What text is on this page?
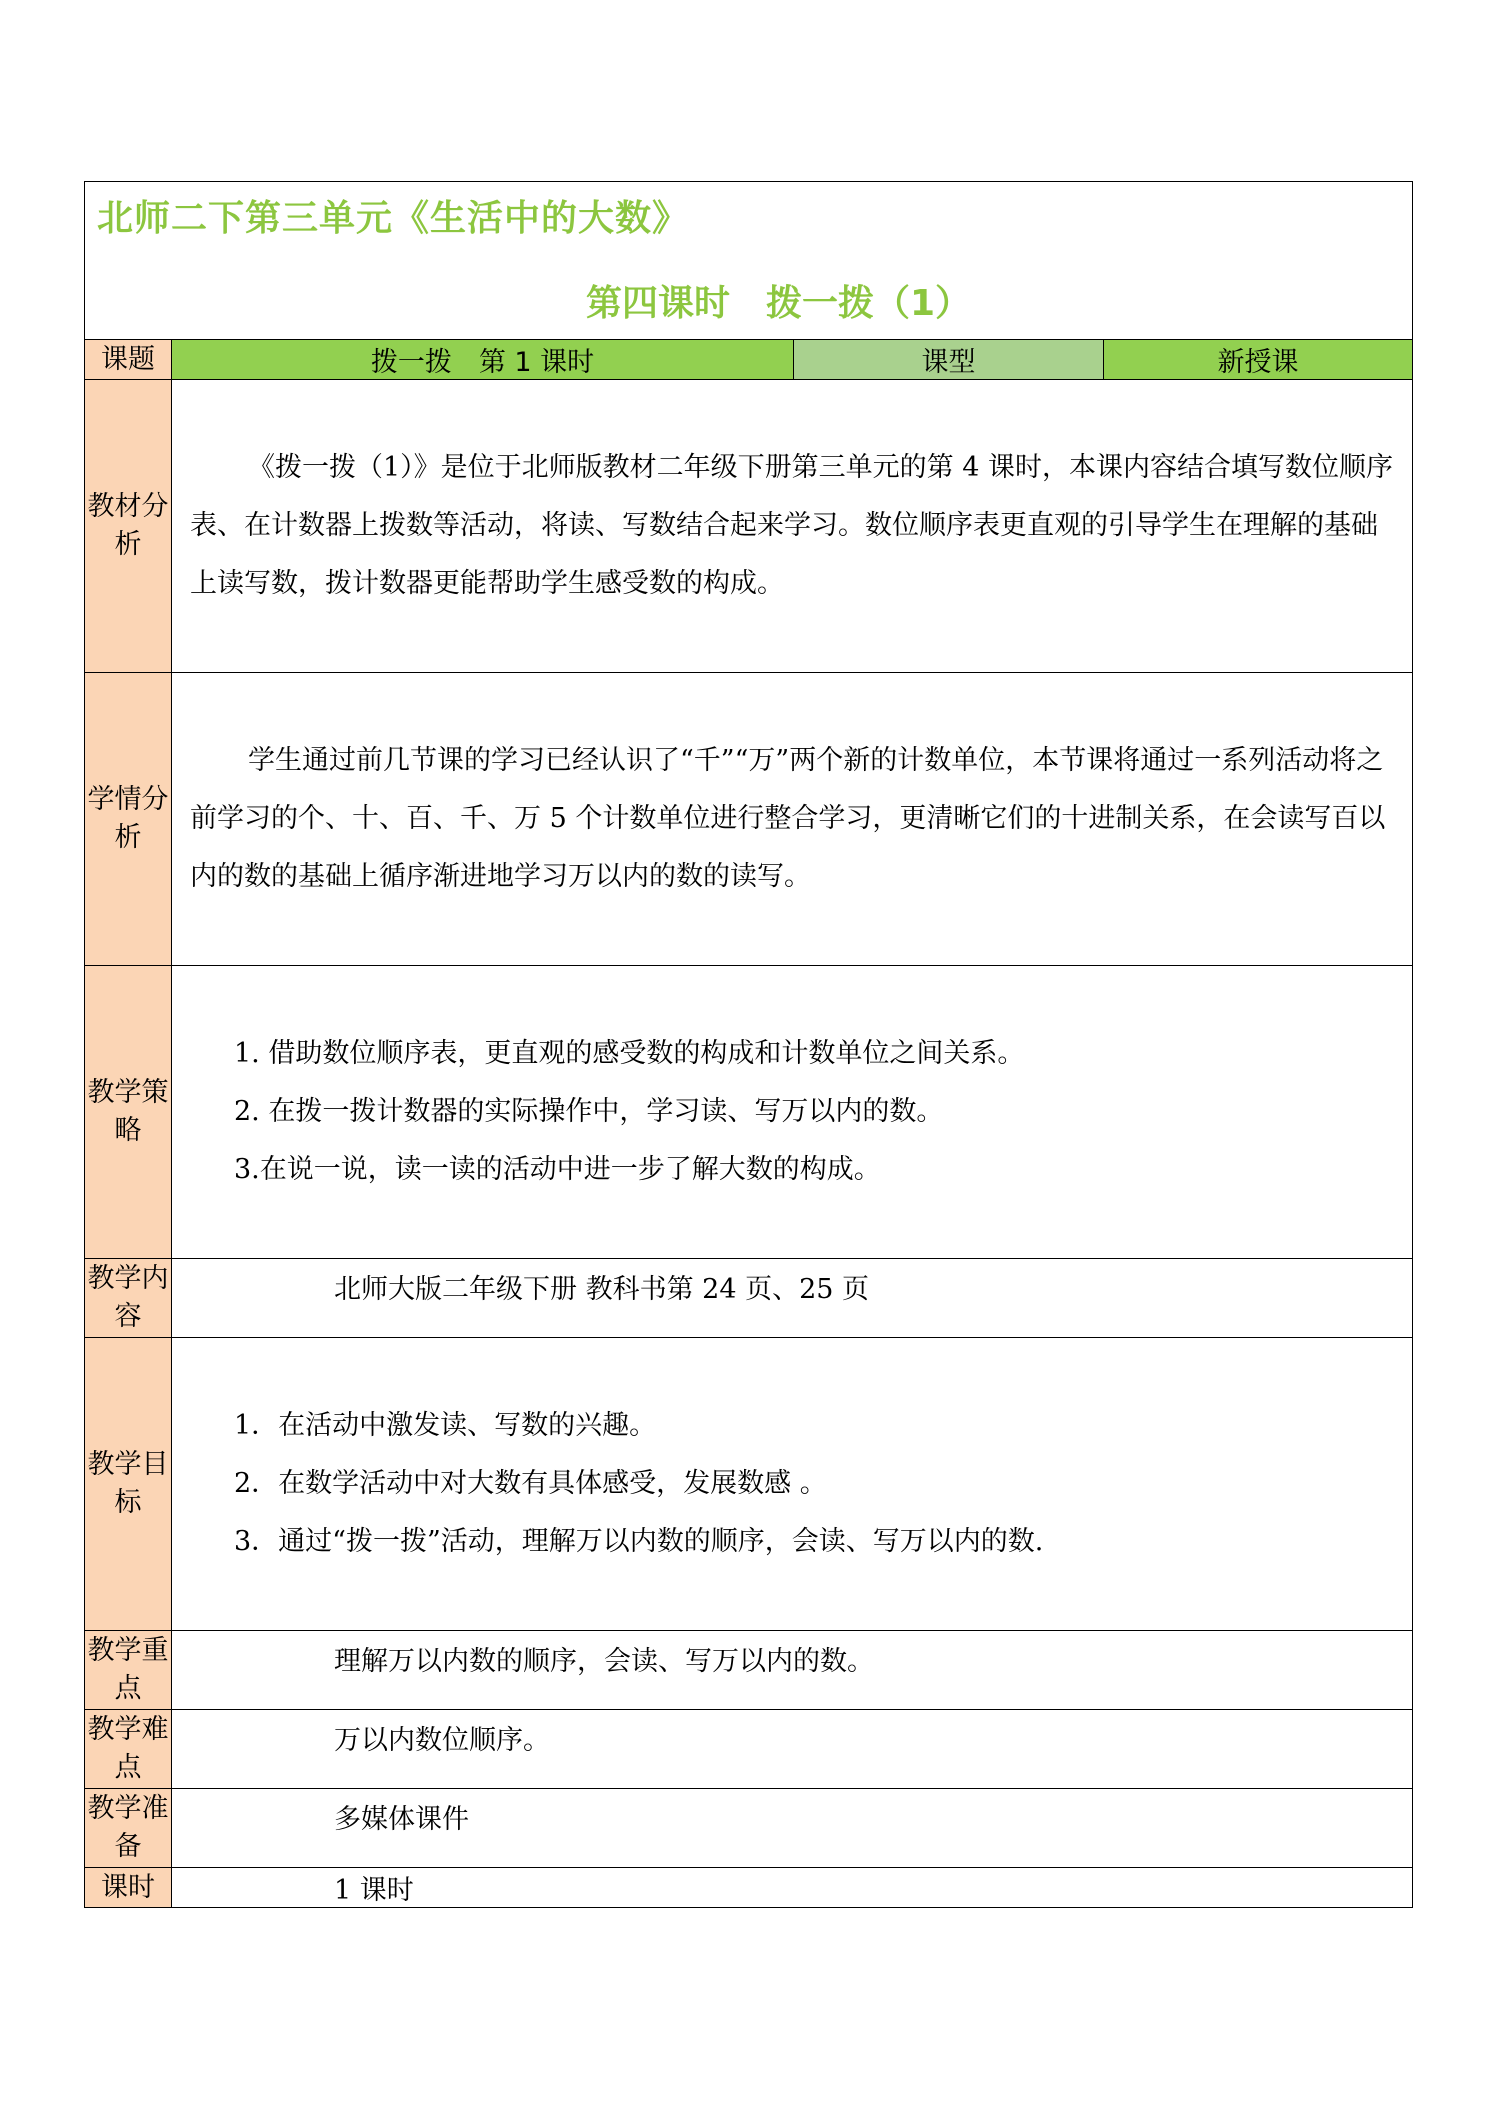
北师二下第三单元《生活中的大数》
第四课时　拨一拨（1）			

课题	拨一拨　第 1 课时	课型	新授课
教材分析	《拨一拨（1）》是位于北师版教材二年级下册第三单元的第 4 课时，本课内容结合填写数位顺序表、在计数器上拨数等活动，将读、写数结合起来学习。数位顺序表更直观的引导学生在理解的基础上读写数，拨计数器更能帮助学生感受数的构成。		
学情分析	学生通过前几节课的学习已经认识了“千”“万”两个新的计数单位，本节课将通过一系列活动将之前学习的个、十、百、千、万 5 个计数单位进行整合学习，更清晰它们的十进制关系，在会读写百以内的数的基础上循序渐进地学习万以内的数的读写。		
教学策略	1. 借助数位顺序表，更直观的感受数的构成和计数单位之间关系。
2. 在拨一拨计数器的实际操作中，学习读、写万以内的数。
3.在说一说，读一读的活动中进一步了解大数的构成。		

教学内容	北师大版二年级下册 教科书第 24 页、25 页		
教学目标	1．在活动中激发读、写数的兴趣。
2．在数学活动中对大数有具体感受，发展数感 。
3．通过“拨一拨”活动，理解万以内数的顺序，会读、写万以内的数.		

教学重点	理解万以内数的顺序，会读、写万以内的数。		
教学难点	万以内数位顺序。		
教学准备	多媒体课件		
课时	1 课时		
